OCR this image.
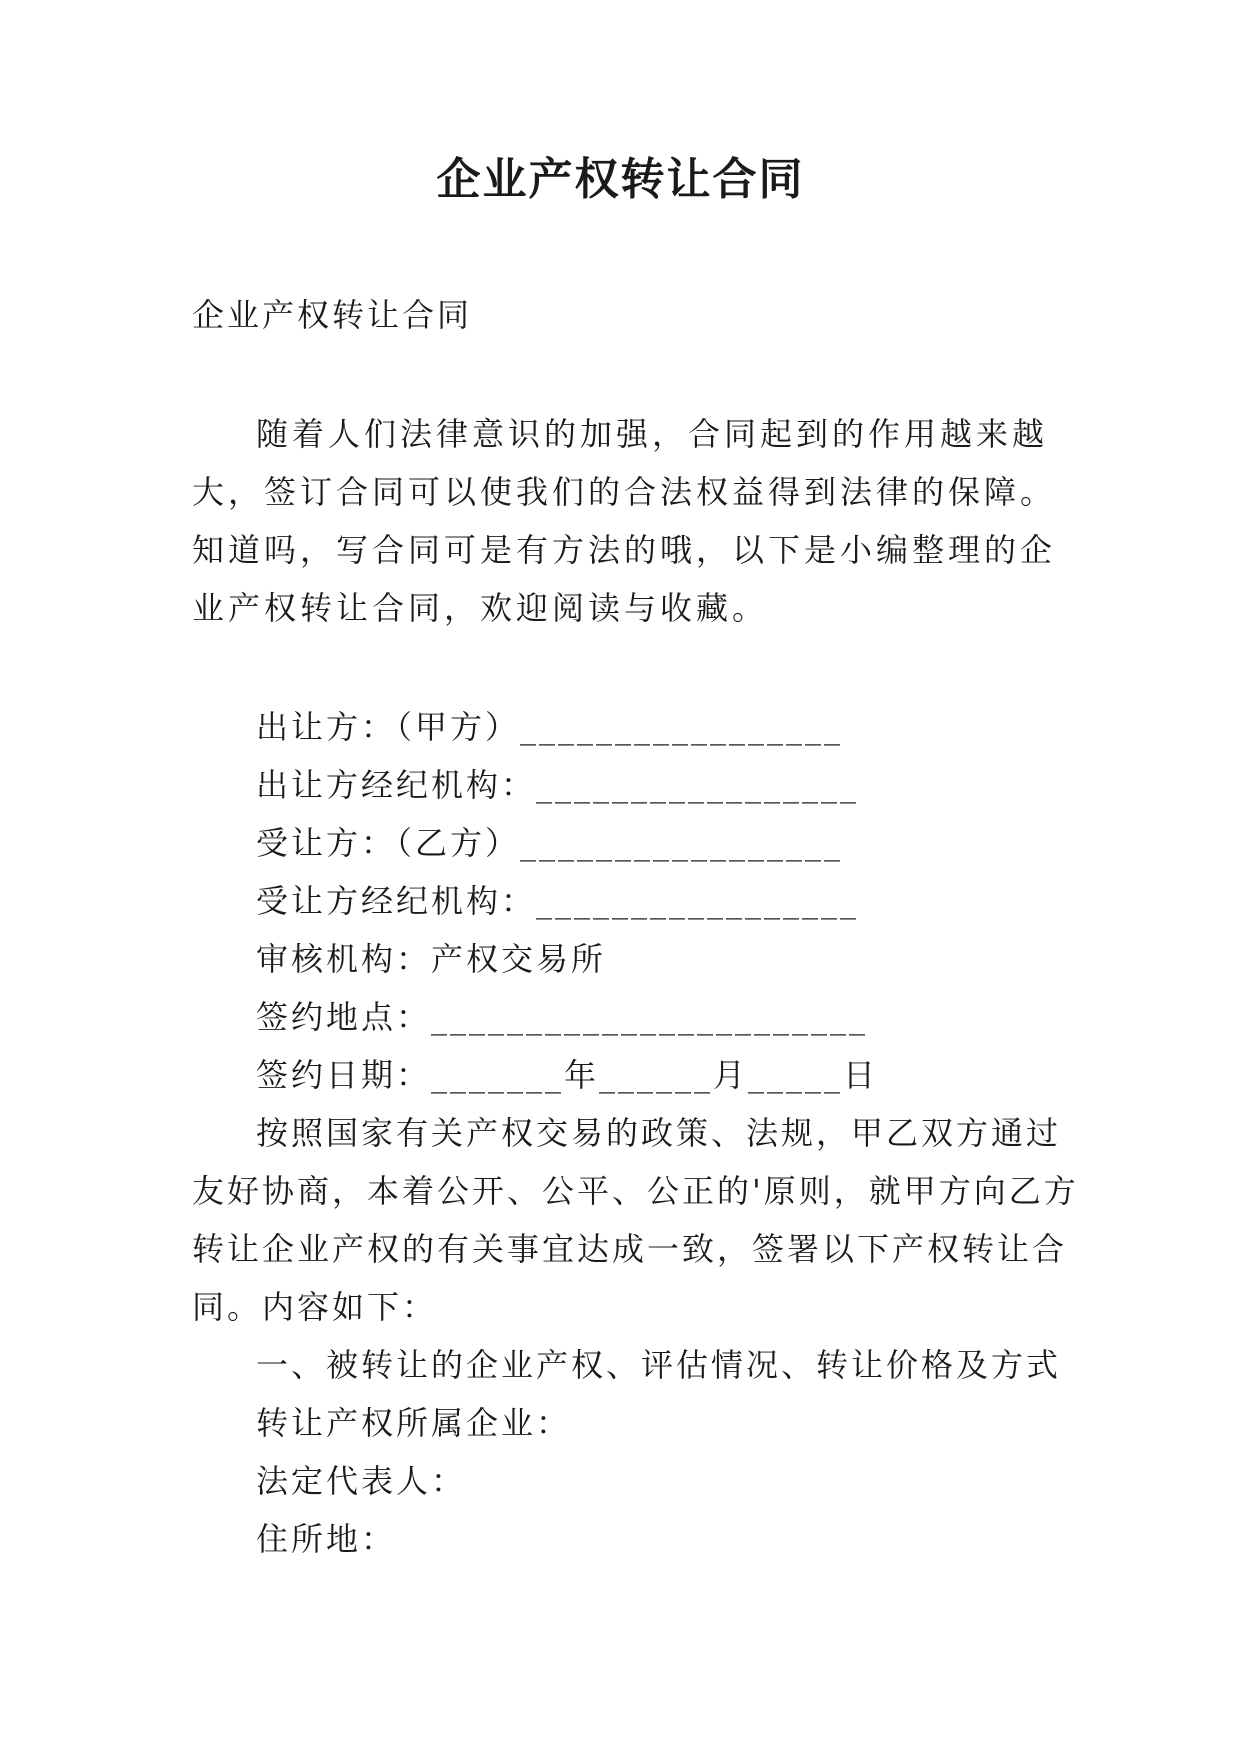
企业产权转让合同
企业产权转让合同
随着人们法律意识的加强，合同起到的作用越来越大，签订合同可以使我们的合法权益得到法律的保障。知道吗，写合同可是有方法的哦，以下是小编整理的企业产权转让合同，欢迎阅读与收藏。
出让方：（甲方）_________________
出让方经纪机构：_________________
受让方：（乙方）_________________
受让方经纪机构：_________________
审核机构：产权交易所
签约地点：_______________________
签约日期：_______年______月_____日
按照国家有关产权交易的政策、法规，甲乙双方通过友好协商，本着公开、公平、公正的'原则，就甲方向乙方转让企业产权的有关事宜达成一致，签署以下产权转让合同。内容如下：
一、被转让的企业产权、评估情况、转让价格及方式
转让产权所属企业：
法定代表人：
住所地：
